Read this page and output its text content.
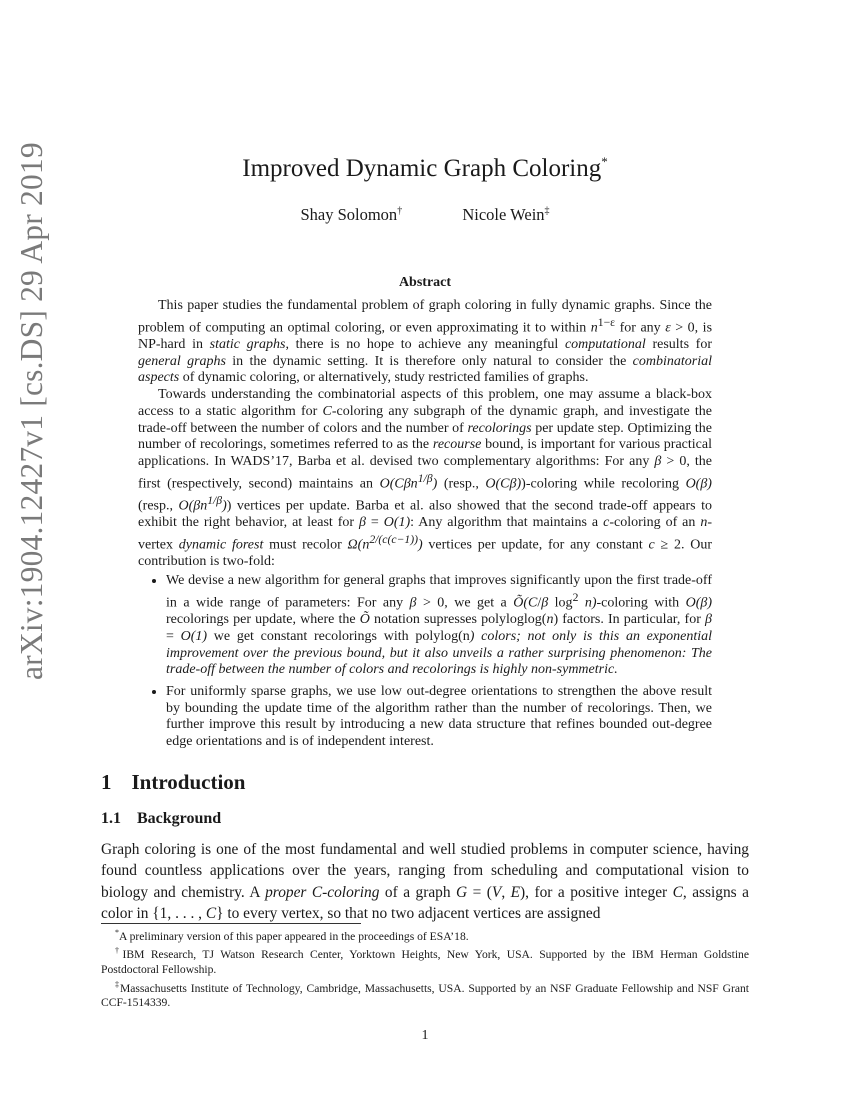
arXiv:1904.12427v1 [cs.DS] 29 Apr 2019	Improved Dynamic Graph Coloring*
Shay Solomon†	Nicole Wein‡
Abstract

This paper studies the fundamental problem of graph coloring in fully dynamic graphs. Since the problem of computing an optimal coloring, or even approximating it to within $n^{1-\varepsilon}$ for any ε > 0, is NP-hard in static graphs, there is no hope to achieve any meaningful computational results for general graphs in the dynamic setting. It is therefore only natural to consider the combinatorial aspects of dynamic coloring, or alternatively, study restricted families of graphs.

Towards understanding the combinatorial aspects of this problem, one may assume a black-box access to a static algorithm for C-coloring any subgraph of the dynamic graph, and investigate the trade-off between the number of colors and the number of recolorings per update step. Optimizing the number of recolorings, sometimes referred to as the recourse bound, is important for various practical applications. In WADS’17, Barba et al. devised two complementary algorithms: For any β > 0, the first (respectively, second) maintains an O(Cβn$^{1/\beta}$) (resp., O(Cβ))-coloring while recoloring O(β) (resp., $O(\beta n^{1/\beta})$) vertices per update. Barba et al. also showed that the second trade-off appears to exhibit the right behavior, at least for β = O(1): Any algorithm that maintains a c-coloring of an n-vertex dynamic forest must recolor $\Omega(n^{2/(c(c-1))})$ vertices per update, for any constant c ≥ 2. Our contribution is two-fold:

• We devise a new algorithm for general graphs that improves significantly upon the first trade-off in a wide range of parameters: For any β > 0, we get a Õ(C/β $\log^2$ n)-coloring with O(β) recolorings per update, where the Õ notation supresses polyloglog(n) factors. In particular, for β = O(1) we get constant recolorings with polylog(n) colors; not only is this an exponential improvement over the previous bound, but it also unveils a rather surprising phenomenon: The trade-off between the number of colors and recolorings is highly non-symmetric.
• For uniformly sparse graphs, we use low out-degree orientations to strengthen the above result by bounding the update time of the algorithm rather than the number of recolorings. Then, we further improve this result by introducing a new data structure that refines bounded out-degree edge orientations and is of independent interest.
1 Introduction
1.1 Background

Graph coloring is one of the most fundamental and well studied problems in computer science, having found countless applications over the years, ranging from scheduling and computational vision to biology and chemistry. A proper C-coloring of a graph G = (V, E), for a positive integer C, assigns a color in {1, . . . , C} to every vertex, so that no two adjacent vertices are assigned

*A preliminary version of this paper appeared in the proceedings of ESA’18.

†IBM Research, TJ Watson Research Center, Yorktown Heights, New York, USA. Supported by the IBM Herman Goldstine Postdoctoral Fellowship.

‡Massachusetts Institute of Technology, Cambridge, Massachusetts, USA. Supported by an NSF Graduate Fellowship and NSF Grant CCF-1514339.

1
